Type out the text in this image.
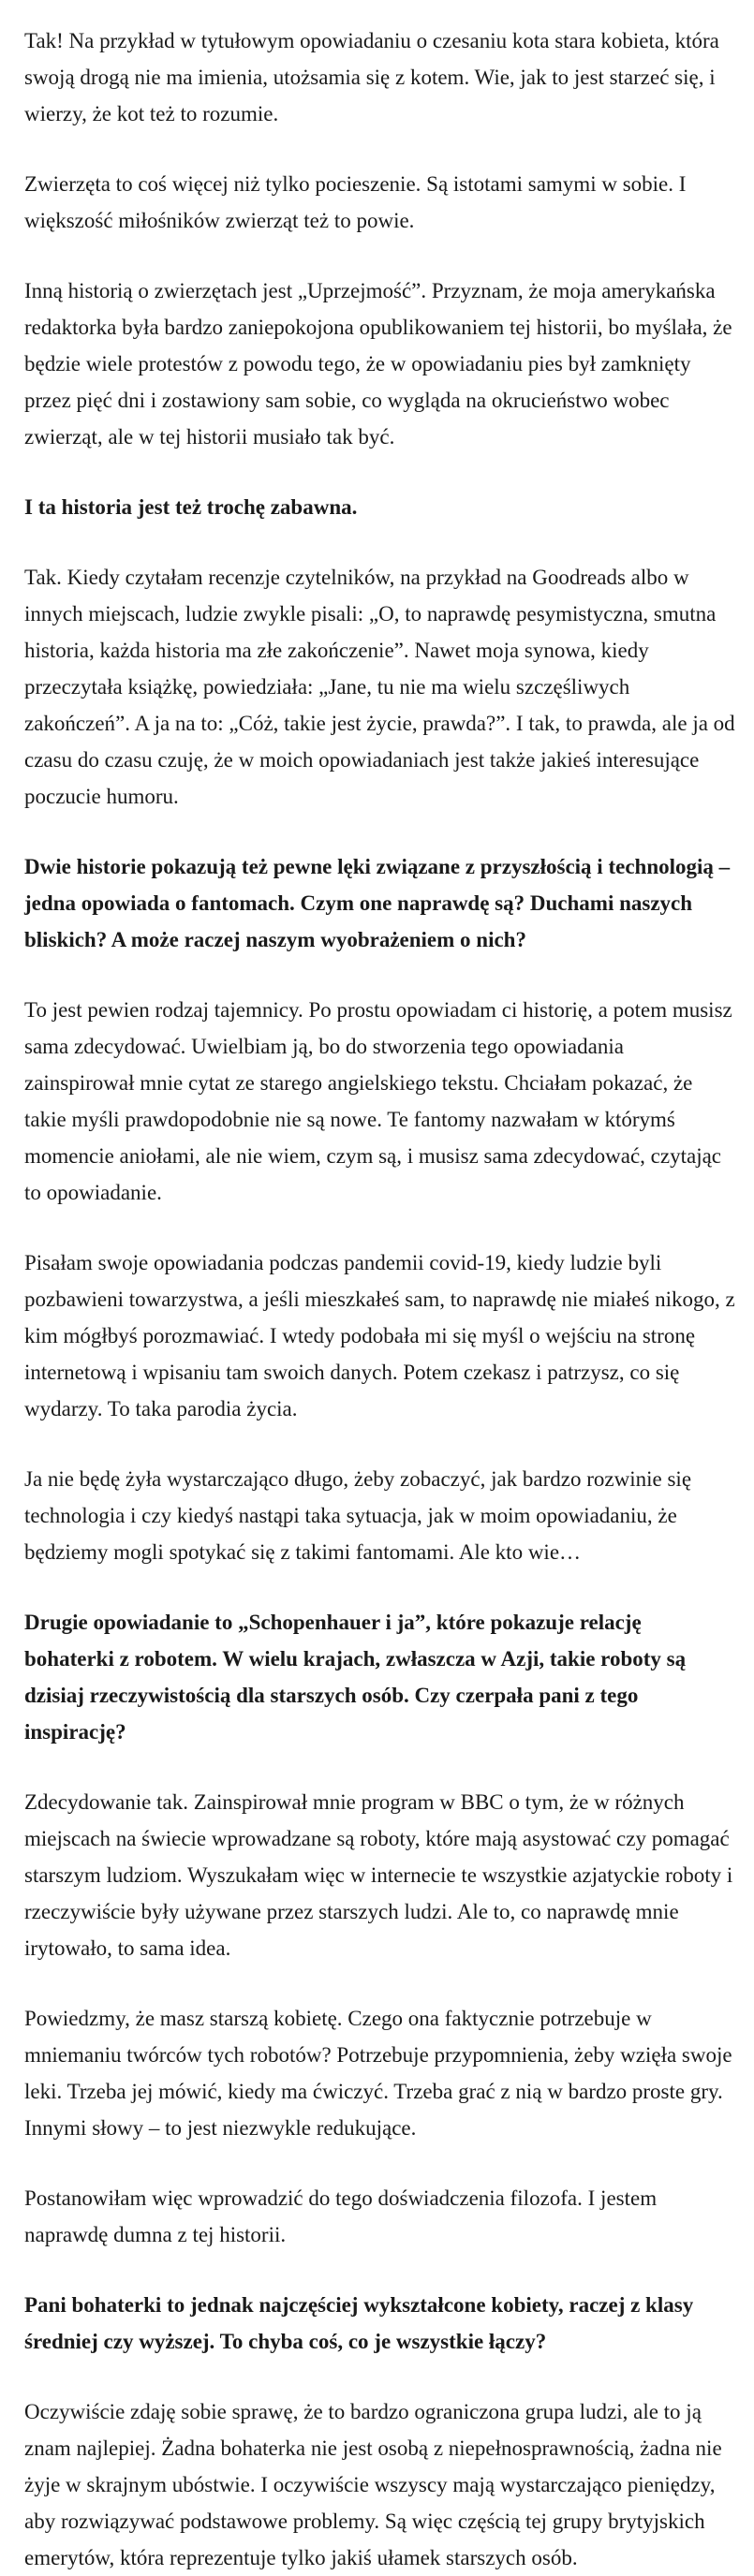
Tak! Na przykład w tytułowym opowiadaniu o czesaniu kota stara kobieta, która swoją drogą nie ma imienia, utożsamia się z kotem. Wie, jak to jest starzeć się, i wierzy, że kot też to rozumie.

Zwierzęta to coś więcej niż tylko pocieszenie. Są istotami samymi w sobie. I większość miłośników zwierząt też to powie.

Inną historią o zwierzętach jest „Uprzejmość”. Przyznam, że moja amerykańska redaktorka była bardzo zaniepokojona opublikowaniem tej historii, bo myślała, że będzie wiele protestów z powodu tego, że w opowiadaniu pies był zamknięty przez pięć dni i zostawiony sam sobie, co wygląda na okrucieństwo wobec zwierząt, ale w tej historii musiało tak być.

I ta historia jest też trochę zabawna.

Tak. Kiedy czytałam recenzje czytelników, na przykład na Goodreads albo w innych miejscach, ludzie zwykle pisali: „O, to naprawdę pesymistyczna, smutna historia, każda historia ma złe zakończenie”. Nawet moja synowa, kiedy przeczytała książkę, powiedziała: „Jane, tu nie ma wielu szczęśliwych zakończeń”. A ja na to: „Cóż, takie jest życie, prawda?”. I tak, to prawda, ale ja od czasu do czasu czuję, że w moich opowiadaniach jest także jakieś interesujące poczucie humoru.

Dwie historie pokazują też pewne lęki związane z przyszłością i technologią – jedna opowiada o fantomach. Czym one naprawdę są? Duchami naszych bliskich? A może raczej naszym wyobrażeniem o nich?

To jest pewien rodzaj tajemnicy. Po prostu opowiadam ci historię, a potem musisz sama zdecydować. Uwielbiam ją, bo do stworzenia tego opowiadania zainspirował mnie cytat ze starego angielskiego tekstu. Chciałam pokazać, że takie myśli prawdopodobnie nie są nowe. Te fantomy nazwałam w którymś momencie aniołami, ale nie wiem, czym są, i musisz sama zdecydować, czytając to opowiadanie.

Pisałam swoje opowiadania podczas pandemii covid-19, kiedy ludzie byli pozbawieni towarzystwa, a jeśli mieszkałeś sam, to naprawdę nie miałeś nikogo, z kim mógłbyś porozmawiać. I wtedy podobała mi się myśl o wejściu na stronę internetową i wpisaniu tam swoich danych. Potem czekasz i patrzysz, co się wydarzy. To taka parodia życia.

Ja nie będę żyła wystarczająco długo, żeby zobaczyć, jak bardzo rozwinie się technologia i czy kiedyś nastąpi taka sytuacja, jak w moim opowiadaniu, że będziemy mogli spotykać się z takimi fantomami. Ale kto wie…

Drugie opowiadanie to „Schopenhauer i ja”, które pokazuje relację bohaterki z robotem. W wielu krajach, zwłaszcza w Azji, takie roboty są dzisiaj rzeczywistością dla starszych osób. Czy czerpała pani z tego inspirację?

Zdecydowanie tak. Zainspirował mnie program w BBC o tym, że w różnych miejscach na świecie wprowadzane są roboty, które mają asystować czy pomagać starszym ludziom. Wyszukałam więc w internecie te wszystkie azjatyckie roboty i rzeczywiście były używane przez starszych ludzi. Ale to, co naprawdę mnie irytowało, to sama idea.

Powiedzmy, że masz starszą kobietę. Czego ona faktycznie potrzebuje w mniemaniu twórców tych robotów? Potrzebuje przypomnienia, żeby wzięła swoje leki. Trzeba jej mówić, kiedy ma ćwiczyć. Trzeba grać z nią w bardzo proste gry. Innymi słowy – to jest niezwykle redukujące.

Postanowiłam więc wprowadzić do tego doświadczenia filozofa. I jestem naprawdę dumna z tej historii.

Pani bohaterki to jednak najczęściej wykształcone kobiety, raczej z klasy średniej czy wyższej. To chyba coś, co je wszystkie łączy?

Oczywiście zdaję sobie sprawę, że to bardzo ograniczona grupa ludzi, ale to ją znam najlepiej. Żadna bohaterka nie jest osobą z niepełnosprawnością, żadna nie żyje w skrajnym ubóstwie. I oczywiście wszyscy mają wystarczająco pieniędzy, aby rozwiązywać podstawowe problemy. Są więc częścią tej grupy brytyjskich emerytów, która reprezentuje tylko jakiś ułamek starszych osób.
